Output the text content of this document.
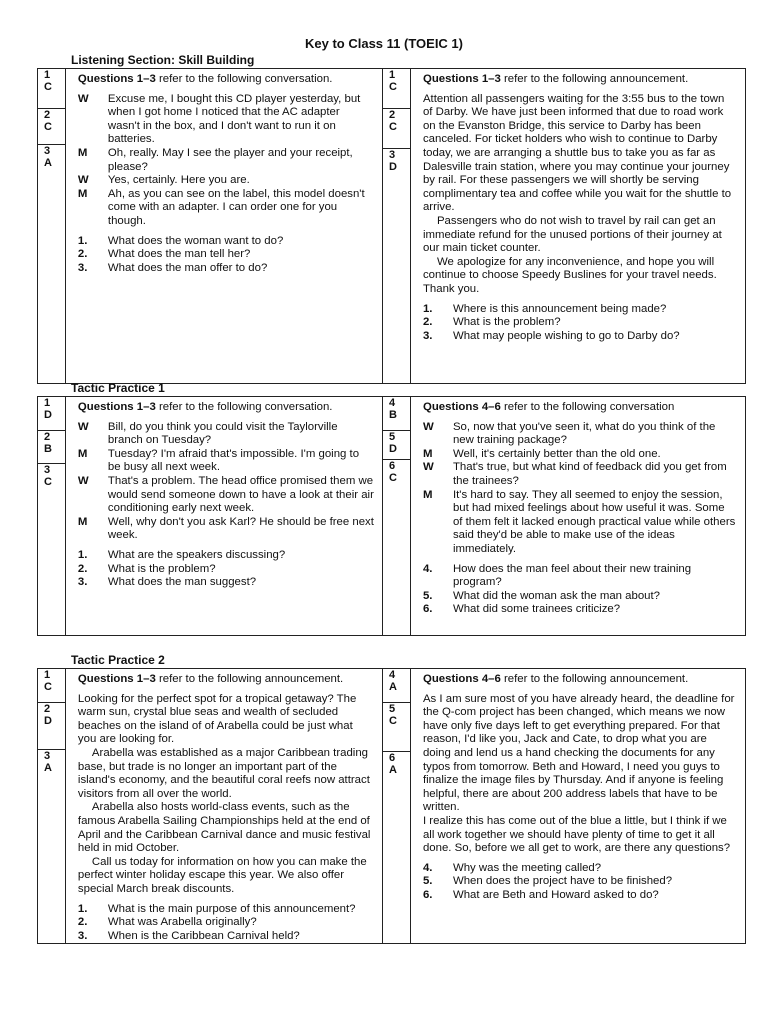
Key to Class 11 (TOEIC 1)
Listening Section: Skill Building
1
C
2
C
3
A
Questions 1–3 refer to the following conversation.
W	Excuse me, I bought this CD player yesterday, but when I got home I noticed that the AC adapter wasn't in the box, and I don't want to run it on batteries.
M	Oh, really. May I see the player and your receipt, please?
W	Yes, certainly. Here you are.
M	Ah, as you can see on the label, this model doesn't come with an adapter. I can order one for you though.
1.	What does the woman want to do?
2.	What does the man tell her?
3.	What does the man offer to do?
1
C
2
C
3
D
Questions 1–3 refer to the following announcement.

Attention all passengers waiting for the 3:55 bus to the town of Darby. We have just been informed that due to road work on the Evanston Bridge, this service to Darby has been canceled. For ticket holders who wish to continue to Darby today, we are arranging a shuttle bus to take you as far as Dalesville train station, where you may continue your journey by rail. For these passengers we will shortly be serving complimentary tea and coffee while you wait for the shuttle to arrive.

Passengers who do not wish to travel by rail can get an immediate refund for the unused portions of their journey at our main ticket counter.

We apologize for any inconvenience, and hope you will continue to choose Speedy Buslines for your travel needs. Thank you.

1.	Where is this announcement being made?
2.	What is the problem?
3.	What may people wishing to go to Darby do?
Tactic Practice 1
1
D
2
B
3
C
Questions 1–3 refer to the following conversation.
W	Bill, do you think you could visit the Taylorville branch on Tuesday?
M	Tuesday? I'm afraid that's impossible. I'm going to be busy all next week.
W	That's a problem. The head office promised them we would send someone down to have a look at their air conditioning early next week.
M	Well, why don't you ask Karl? He should be free next week.
1.	What are the speakers discussing?
2.	What is the problem?
3.	What does the man suggest?
4
B
5
D
6
C
Questions 4–6 refer to the following conversation
W	So, now that you've seen it, what do you think of the new training package?
M	Well, it's certainly better than the old one.
W	That's true, but what kind of feedback did you get from the trainees?
M	It's hard to say. They all seemed to enjoy the session, but had mixed feelings about how useful it was. Some of them felt it lacked enough practical value while others said they'd be able to make use of the ideas immediately.
4.	How does the man feel about their new training program?
5.	What did the woman ask the man about?
6.	What did some trainees criticize?
Tactic Practice 2
1
C
2
D
3
A
Questions 1–3 refer to the following announcement.

Looking for the perfect spot for a tropical getaway? The warm sun, crystal blue seas and wealth of secluded beaches on the island of of Arabella could be just what you are looking for.

Arabella was established as a major Caribbean trading base, but trade is no longer an important part of the island's economy, and the beautiful coral reefs now attract visitors from all over the world.

Arabella also hosts world-class events, such as the famous Arabella Sailing Championships held at the end of April and the Caribbean Carnival dance and music festival held in mid October.

Call us today for information on how you can make the perfect winter holiday escape this year. We also offer special March break discounts.

1.	What is the main purpose of this announcement?
2.	What was Arabella originally?
3.	When is the Caribbean Carnival held?
4
A
5
C
6
A
Questions 4–6 refer to the following announcement.

As I am sure most of you have already heard, the deadline for the Q-com project has been changed, which means we now have only five days left to get everything prepared. For that reason, I'd like you, Jack and Cate, to drop what you are doing and lend us a hand checking the documents for any typos from tomorrow. Beth and Howard, I need you guys to finalize the image files by Thursday. And if anyone is feeling helpful, there are about 200 address labels that have to be written.

I realize this has come out of the blue a little, but I think if we all work together we should have plenty of time to get it all done. So, before we all get to work, are there any questions?

4.	Why was the meeting called?
5.	When does the project have to be finished?
6.	What are Beth and Howard asked to do?
